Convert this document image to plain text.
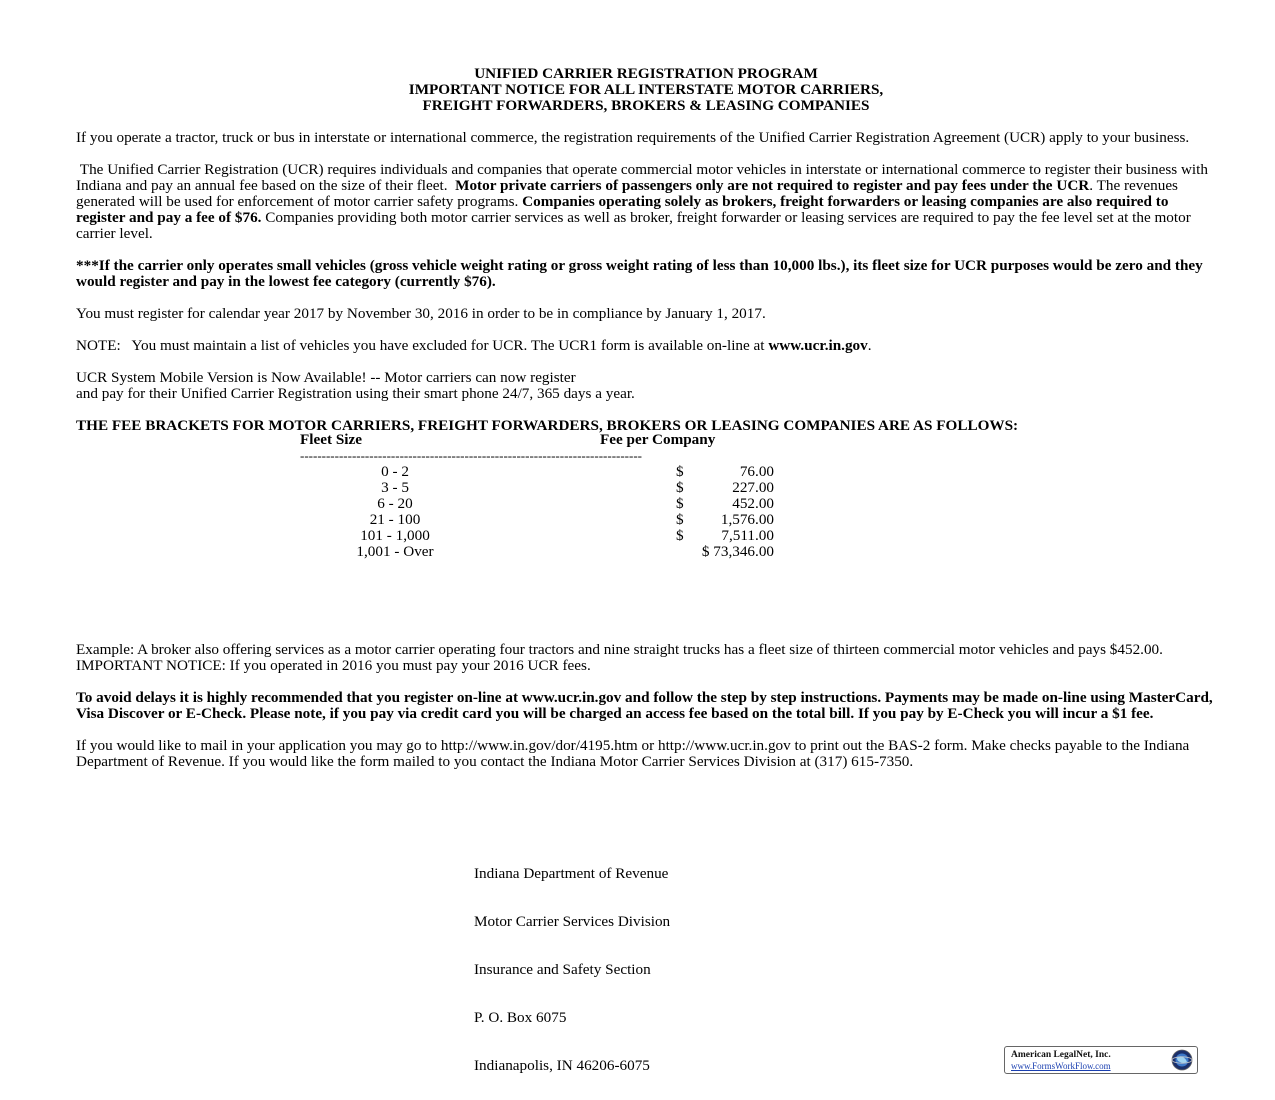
UNIFIED CARRIER REGISTRATION PROGRAM
IMPORTANT NOTICE FOR ALL INTERSTATE MOTOR CARRIERS,
FREIGHT FORWARDERS, BROKERS & LEASING COMPANIES

If you operate a tractor, truck or bus in interstate or international commerce, the registration requirements of the Unified Carrier Registration Agreement (UCR) apply to your business.

The Unified Carrier Registration (UCR) requires individuals and companies that operate commercial motor vehicles in interstate or international commerce to register their business with Indiana and pay an annual fee based on the size of their fleet.  Motor private carriers of passengers only are not required to register and pay fees under the UCR. The revenues generated will be used for enforcement of motor carrier safety programs. Companies operating solely as brokers, freight forwarders or leasing companies are also required to register and pay a fee of $76. Companies providing both motor carrier services as well as broker, freight forwarder or leasing services are required to pay the fee level set at the motor carrier level.

***If the carrier only operates small vehicles (gross vehicle weight rating or gross weight rating of less than 10,000 lbs.), its fleet size for UCR purposes would be zero and they would register and pay in the lowest fee category (currently $76).

You must register for calendar year 2017 by November 30, 2016 in order to be in compliance by January 1, 2017.

NOTE:   You must maintain a list of vehicles you have excluded for UCR. The UCR1 form is available on-line at www.ucr.in.gov.

UCR System Mobile Version is Now Available! -- Motor carriers can now register
and pay for their Unified Carrier Registration using their smart phone 24/7, 365 days a year.

THE FEE BRACKETS FOR MOTOR CARRIERS, FREIGHT FORWARDERS, BROKERS OR LEASING COMPANIES ARE AS FOLLOWS:

Fleet Size	Fee per Company
-------------------------------------------------------------------------------
0 - 2	$	76.00
3 - 5	$	227.00
6 - 20	$	452.00
21 - 100	$	1,576.00
101 - 1,000	$	7,511.00
1,001 - Over	$ 73,346.00

Example: A broker also offering services as a motor carrier operating four tractors and nine straight trucks has a fleet size of thirteen commercial motor vehicles and pays $452.00.

IMPORTANT NOTICE: If you operated in 2016 you must pay your 2016 UCR fees.

To avoid delays it is highly recommended that you register on-line at www.ucr.in.gov and follow the step by step instructions. Payments may be made on-line using MasterCard, Visa Discover or E-Check. Please note, if you pay via credit card you will be charged an access fee based on the total bill. If you pay by E-Check you will incur a $1 fee.

If you would like to mail in your application you may go to http://www.in.gov/dor/4195.htm or http://www.ucr.in.gov to print out the BAS-2 form. Make checks payable to the Indiana Department of Revenue. If you would like the form mailed to you contact the Indiana Motor Carrier Services Division at (317) 615-7350.

Indiana Department of Revenue

Motor Carrier Services Division

Insurance and Safety Section

P. O. Box 6075

Indianapolis, IN 46206-6075

American LegalNet, Inc.
www.FormsWorkFlow.com
